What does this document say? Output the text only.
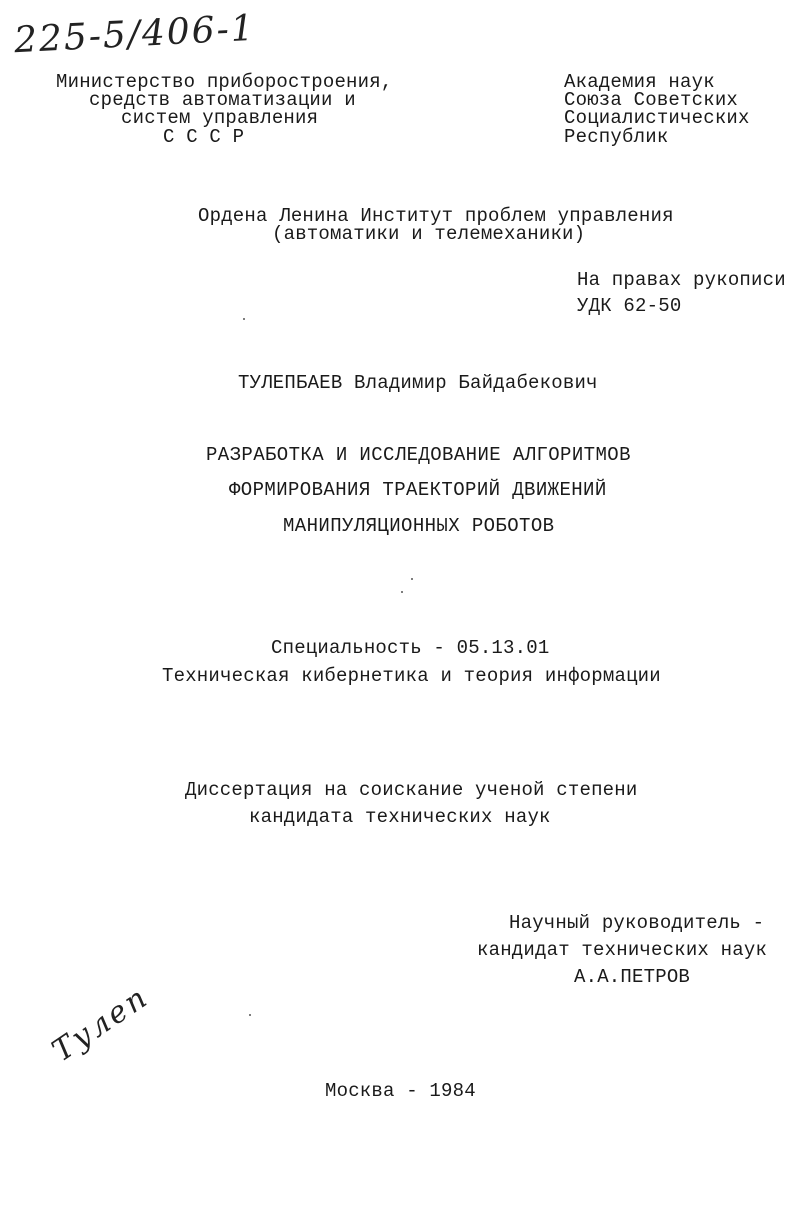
225-5/406-1
Министерство приборостроения,
средств автоматизации и
систем управления
С С С Р
Академия наук
Союза Советских
Социалистических
Республик
Ордена Ленина Институт проблем управления
(автоматики и телемеханики)
На правах рукописи
УДК 62-50
ТУЛЕПБАЕВ Владимир Байдабекович
РАЗРАБОТКА И ИССЛЕДОВАНИЕ АЛГОРИТМОВ
ФОРМИРОВАНИЯ ТРАЕКТОРИЙ ДВИЖЕНИЙ
МАНИПУЛЯЦИОННЫХ РОБОТОВ
Специальность - 05.13.01
Техническая кибернетика и теория информации
Диссертация на соискание ученой степени
кандидата технических наук
Научный руководитель -
кандидат технических наук
А.А.ПЕТРОВ
Тулеп
Москва - 1984
